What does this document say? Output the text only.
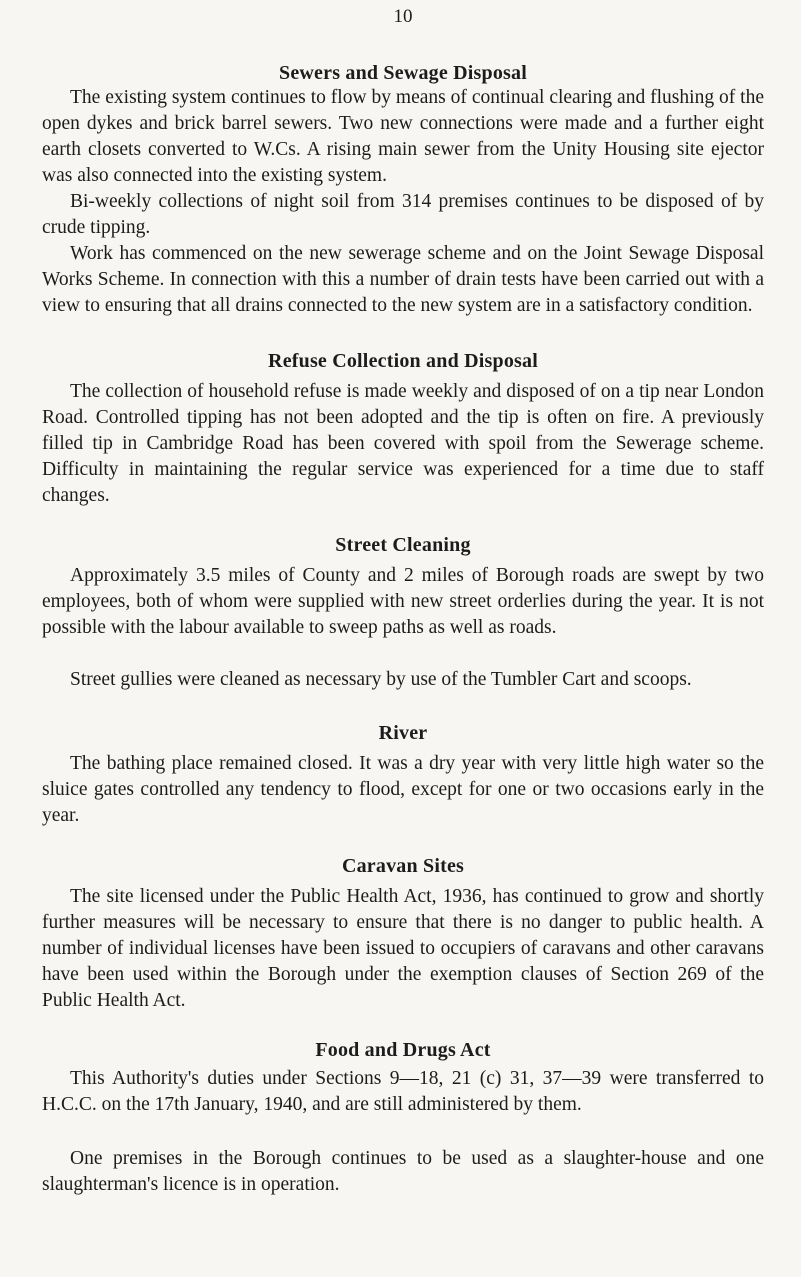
10
Sewers and Sewage Disposal

The existing system continues to flow by means of continual clearing and flushing of the open dykes and brick barrel sewers. Two new connections were made and a further eight earth closets converted to W.Cs. A rising main sewer from the Unity Housing site ejector was also connected into the existing system.

Bi-weekly collections of night soil from 314 premises continues to be disposed of by crude tipping.

Work has commenced on the new sewerage scheme and on the Joint Sewage Disposal Works Scheme. In connection with this a number of drain tests have been carried out with a view to ensuring that all drains connected to the new system are in a satisfactory condition.

Refuse Collection and Disposal

The collection of household refuse is made weekly and disposed of on a tip near London Road. Controlled tipping has not been adopted and the tip is often on fire. A previously filled tip in Cambridge Road has been covered with spoil from the Sewerage scheme. Difficulty in maintaining the regular service was experienced for a time due to staff changes.

Street Cleaning

Approximately 3.5 miles of County and 2 miles of Borough roads are swept by two employees, both of whom were supplied with new street orderlies during the year. It is not possible with the labour available to sweep paths as well as roads.

Street gullies were cleaned as necessary by use of the Tumbler Cart and scoops.

River

The bathing place remained closed. It was a dry year with very little high water so the sluice gates controlled any tendency to flood, except for one or two occasions early in the year.

Caravan Sites

The site licensed under the Public Health Act, 1936, has continued to grow and shortly further measures will be necessary to ensure that there is no danger to public health. A number of individual licenses have been issued to occupiers of caravans and other caravans have been used within the Borough under the exemption clauses of Section 269 of the Public Health Act.

Food and Drugs Act

This Authority's duties under Sections 9—18, 21 (c) 31, 37—39 were transferred to H.C.C. on the 17th January, 1940, and are still administered by them.

One premises in the Borough continues to be used as a slaughter-house and one slaughterman's licence is in operation.
